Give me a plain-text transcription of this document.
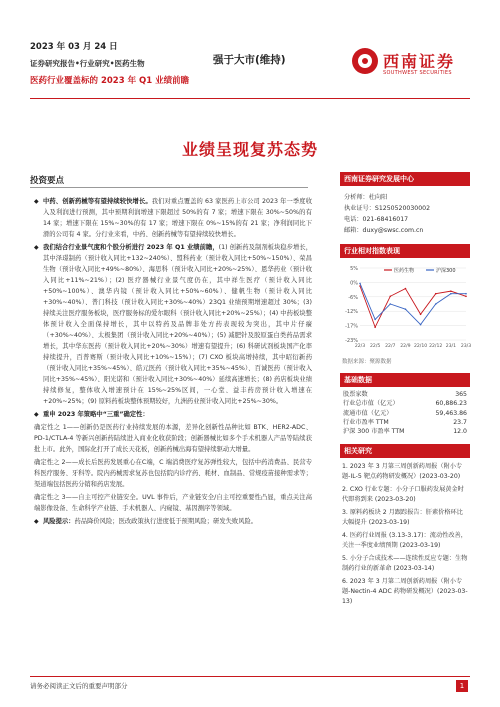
2023 年 03 月 24 日
证券研究报告•行业研究•医药生物
医药行业覆盖标的 2023 年 Q1 业绩前瞻
强于大市(维持)	西南证券
SOUTHWEST SECURITIES
业绩呈现复苏态势
投资要点

◆ 中药、创新药械等有望持续较快增长。我们对重点覆盖的 63 家医药上市公司 2023 年一季度收入及利润进行预测，其中预期利润增速下限超过 50%的有 7 家；增速下限在 30%~50%的有 14 家；增速下限在 15%~30%的有 17 家；增速下限在 0%~15%的有 21 家；净利润同比下滑的公司有 4 家。分行业来看，中药、创新药械等有望持续较快增长。

◆ 我们结合行业景气度和个股分析进行 2023 年 Q1 业绩前瞻，(1) 创新药及制剂板块稳步增长，其中泽璟制药（预计收入同比+132~240%）、盟科药业（预计收入同比+50%~150%）、荣昌生物（预计收入同比+49%~80%）、海思科（预计收入同比+20%~25%）、恩华药业（预计收入同比+11%~21%）；(2) 医疗器械行业景气度仍在，其中祥生医疗（预计收入同比+50%~100%）、澳华内镜（预计收入同比+50%~60%）、健帆生物（预计收入同比+30%~40%）、普门科技（预计收入同比+30%~40%）23Q1 业绩预期增速超过 30%；(3) 持续关注医疗服务板块，医疗服务标的爱尔眼科（预计收入同比+20%~25%）；(4) 中药板块整体预计收入全面保持增长，其中以特药及品牌非处方药表现较为突出，其中片仔癀（+30%~40%）、太极集团（预计收入同比+20%~40%）；(5) 减肥针及胶原蛋白类药品需求增长，其中华东医药（预计收入同比+20%~30%）增速有望提升；(6) 科研试剂板块国产化率持续提升，百普赛斯（预计收入同比+10%~15%）；(7) CXO 板块高增持续，其中昭衍新药（预计收入同比+35%~45%）、皓元医药（预计收入同比+35%~45%）、百诚医药（预计收入同比+35%~45%）、阳光诺和（预计收入同比+30%~40%）延续高速增长；(8) 药店板块业绩持续修复，整体收入增速预计在 15%~25%区间，一心堂、益丰药房预计收入增速在+20%~25%；(9) 原料药板块整体预期较好，九洲药业预计收入同比+25%~30%。

◆ 重申 2023 年策略中“三重”确定性：

确定性之 1——创新仍是医药行业持续发展的本源，差异化创新性品种比如 BTK、HER2-ADC、PD-1/CTLA-4 等新兴创新药陆续进入商业化收获阶段；创新器械比如多个手术机器人产品等陆续获批上市。此外，国际化打开了成长天花板，创新药械出海有望持续驱动大增量。

确定性之 2——成长后医药发展重心在C端，C 端消费医疗复苏弹性较大，包括中药消费品、民营专科医疗服务、牙科等。院内药械需求复苏也包括院内诊疗药、耗材、血制品、常规疫苗接种需求等；渠道端包括医药分销和药店发展。

确定性之 3——自主可控产业链安全。UVL 事件后，产业链安全/自主可控重要性凸显，重点关注高端影像设备、生命科学产业链、手术机器人、内窥镜、基因测序等领域。

◆ 风险提示：药品降价风险；医改政策执行进度低于预期风险；研发失败风险。

西南证券研究发展中心
分析师：杜向阳
执业证号：S1250520030002
电话：021-68416017
邮箱：duxy@swsc.com.cn
行业相对指数表现
5%
0%
-6%
-12%
-17%
-23%
22/3 22/5 22/7 22/9 22/10 22/12 23/1 23/3
医药生物	沪深300
数据来源：聚源数据
基础数据
股票家数	365
行业总市值（亿元）	60,886.23
流通市值（亿元）	59,463.86
行业市盈率 TTM	23.7
沪深 300 市盈率 TTM	12.0
相关研究
1. 2023 年 3 月第三周创新药周报（附小专题-IL-5 靶点药物研发概况）(2023-03-20)
2. CXO 行业专题：小分子口服药发展黄金时代即将到来 (2023-03-20)
3. 原料药板块 2 月跟踪报告：肝素价格环比大幅提升 (2023-03-19)
4. 医药行业周报 (3.13-3.17)：流动性改善，关注一季度业绩预期 (2023-03-19)
5. 小分子合成技术——连续性反应专题：生物制药行业的新革命 (2023-03-14)
6. 2023 年 3 月第二周创新药周报（附小专题-Nectin-4 ADC 药物研发概况）(2023-03-13)
请务必阅读正文后的重要声明部分	1
